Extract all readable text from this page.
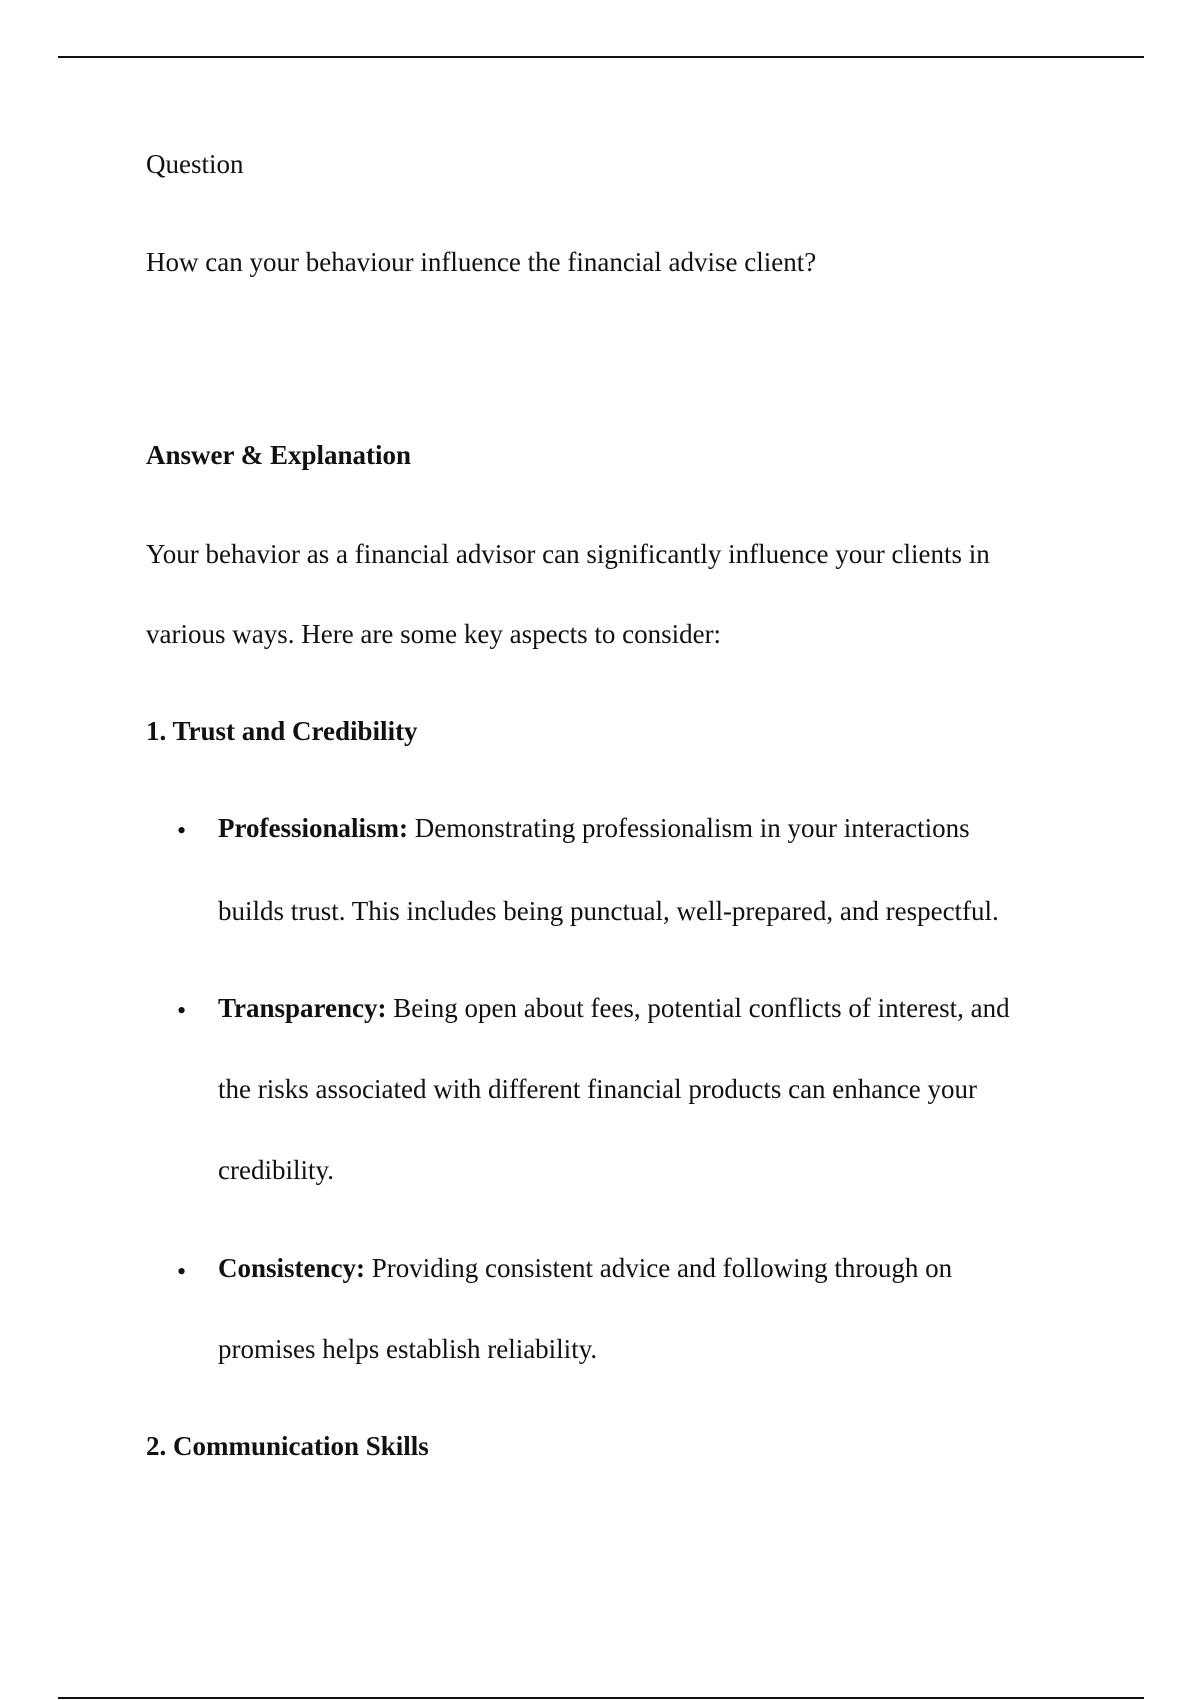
Question
How can your behaviour influence the financial advise client?
Answer & Explanation
Your behavior as a financial advisor can significantly influence your clients in
various ways. Here are some key aspects to consider:
1. Trust and Credibility
• Professionalism: Demonstrating professionalism in your interactions
builds trust. This includes being punctual, well-prepared, and respectful.
• Transparency: Being open about fees, potential conflicts of interest, and
the risks associated with different financial products can enhance your
credibility.
• Consistency: Providing consistent advice and following through on
promises helps establish reliability.
2. Communication Skills
